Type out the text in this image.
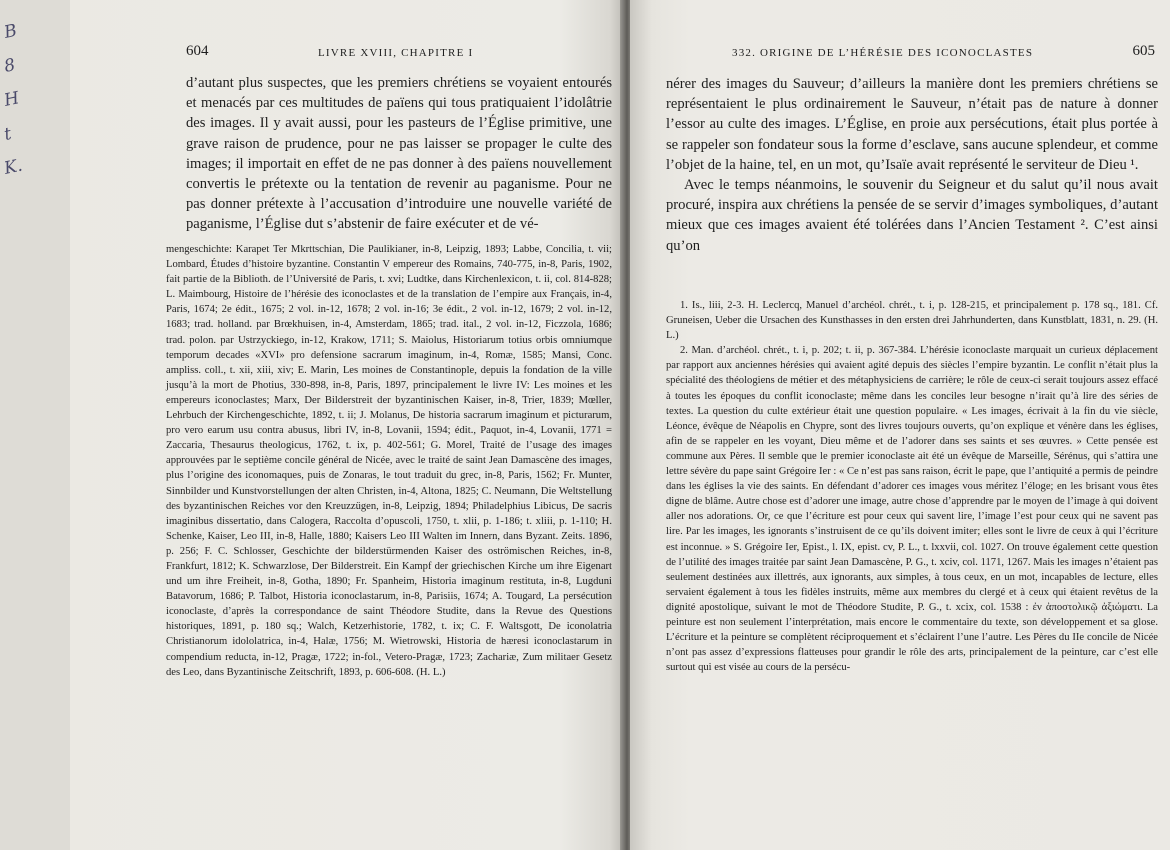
B
8
H
t
K.
604	LIVRE XVIII, CHAPITRE I

d’autant plus suspectes, que les premiers chrétiens se voyaient entourés et menacés par ces multitudes de païens qui tous pratiquaient l’idolâtrie des images. Il y avait aussi, pour les pasteurs de l’Église primitive, une grave raison de prudence, pour ne pas laisser se propager le culte des images; il importait en effet de ne pas donner à des païens nouvellement convertis le prétexte ou la tentation de revenir au paganisme. Pour ne pas donner prétexte à l’accusation d’introduire une nouvelle variété de paganisme, l’Église dut s’abstenir de faire exécuter et de vé-

mengeschichte: Karapet Ter Mkrttschian, Die Paulikianer, in-8, Leipzig, 1893; Labbe, Concilia, t. vii; Lombard, Études d’histoire byzantine. Constantin V empereur des Romains, 740-775, in-8, Paris, 1902, fait partie de la Biblioth. de l’Université de Paris, t. xvi; Ludtke, dans Kirchenlexicon, t. ii, col. 814-828; L. Maimbourg, Histoire de l’hérésie des iconoclastes et de la translation de l’empire aux Français, in-4, Paris, 1674; 2e édit., 1675; 2 vol. in-12, 1678; 2 vol. in-16; 3e édit., 2 vol. in-12, 1679; 2 vol. in-12, 1683; trad. holland. par Brœkhuisen, in-4, Amsterdam, 1865; trad. ital., 2 vol. in-12, Ficzzola, 1686; trad. polon. par Ustrzyckiego, in-12, Krakow, 1711; S. Maiolus, Historiarum totius orbis omniumque temporum decades «XVI» pro defensione sacrarum imaginum, in-4, Romæ, 1585; Mansi, Conc. ampliss. coll., t. xii, xiii, xiv; E. Marin, Les moines de Constantinople, depuis la fondation de la ville jusqu’à la mort de Photius, 330-898, in-8, Paris, 1897, principalement le livre IV: Les moines et les empereurs iconoclastes; Marx, Der Bilderstreit der byzantinischen Kaiser, in-8, Trier, 1839; Mœller, Lehrbuch der Kirchengeschichte, 1892, t. ii; J. Molanus, De historia sacrarum imaginum et picturarum, pro vero earum usu contra abusus, libri IV, in-8, Lovanii, 1594; édit., Paquot, in-4, Lovanii, 1771 = Zaccaria, Thesaurus theologicus, 1762, t. ix, p. 402-561; G. Morel, Traité de l’usage des images approuvées par le septième concile général de Nicée, avec le traité de saint Jean Damascène des images, plus l’origine des iconomaques, puis de Zonaras, le tout traduit du grec, in-8, Paris, 1562; Fr. Munter, Sinnbilder und Kunstvorstellungen der alten Christen, in-4, Altona, 1825; C. Neumann, Die Weltstellung des byzantinischen Reiches vor den Kreuzzügen, in-8, Leipzig, 1894; Philadelphius Libicus, De sacris imaginibus dissertatio, dans Calogera, Raccolta d’opuscoli, 1750, t. xlii, p. 1-186; t. xliii, p. 1-110; H. Schenke, Kaiser, Leo III, in-8, Halle, 1880; Kaisers Leo III Walten im Innern, dans Byzant. Zeits. 1896, p. 256; F. C. Schlosser, Geschichte der bilderstürmenden Kaiser des oströmischen Reiches, in-8, Frankfurt, 1812; K. Schwarzlose, Der Bilderstreit. Ein Kampf der griechischen Kirche um ihre Eigenart und um ihre Freiheit, in-8, Gotha, 1890; Fr. Spanheim, Historia imaginum restituta, in-8, Lugduni Batavorum, 1686; P. Talbot, Historia iconoclastarum, in-8, Parisiis, 1674; A. Tougard, La persécution iconoclaste, d’après la correspondance de saint Théodore Studite, dans la Revue des Questions historiques, 1891, p. 180 sq.; Walch, Ketzerhistorie, 1782, t. ix; C. F. Waltsgott, De iconolatria Christianorum idololatrica, in-4, Halæ, 1756; M. Wietrowski, Historia de hæresi iconoclastarum in compendium reducta, in-12, Pragæ, 1722; in-fol., Vetero-Pragæ, 1723; Zachariæ, Zum militaer Gesetz des Leo, dans Byzantinische Zeitschrift, 1893, p. 606-608. (H. L.)

332. ORIGINE DE L’HÉRÉSIE DES ICONOCLASTES	605

nérer des images du Sauveur; d’ailleurs la manière dont les premiers chrétiens se représentaient le plus ordinairement le Sauveur, n’était pas de nature à donner l’essor au culte des images. L’Église, en proie aux persécutions, était plus portée à se rappeler son fondateur sous la forme d’esclave, sans aucune splendeur, et comme l’objet de la haine, tel, en un mot, qu’Isaïe avait représenté le serviteur de Dieu ¹.

Avec le temps néanmoins, le souvenir du Seigneur et du salut qu’il nous avait procuré, inspira aux chrétiens la pensée de se servir d’images symboliques, d’autant mieux que ces images avaient été tolérées dans l’Ancien Testament ². C’est ainsi qu’on

1. Is., liii, 2-3. H. Leclercq, Manuel d’archéol. chrét., t. i, p. 128-215, et principalement p. 178 sq., 181. Cf. Gruneisen, Ueber die Ursachen des Kunsthasses in den ersten drei Jahrhunderten, dans Kunstblatt, 1831, n. 29. (H. L.)

2. Man. d’archéol. chrét., t. i, p. 202; t. ii, p. 367-384. L’hérésie iconoclaste marquait un curieux déplacement par rapport aux anciennes hérésies qui avaient agité depuis des siècles l’empire byzantin. Le conflit n’était plus la spécialité des théologiens de métier et des métaphysiciens de carrière; le rôle de ceux-ci serait toujours assez effacé à toutes les époques du conflit iconoclaste; même dans les conciles leur besogne n’irait qu’à lire des séries de textes. La question du culte extérieur était une question populaire. « Les images, écrivait à la fin du vie siècle, Léonce, évêque de Néapolis en Chypre, sont des livres toujours ouverts, qu’on explique et vénère dans les églises, afin de se rappeler en les voyant, Dieu même et de l’adorer dans ses saints et ses œuvres. » Cette pensée est commune aux Pères. Il semble que le premier iconoclaste ait été un évêque de Marseille, Sérénus, qui s’attira une lettre sévère du pape saint Grégoire Ier : « Ce n’est pas sans raison, écrit le pape, que l’antiquité a permis de peindre dans les églises la vie des saints. En défendant d’adorer ces images vous méritez l’éloge; en les brisant vous êtes digne de blâme. Autre chose est d’adorer une image, autre chose d’apprendre par le moyen de l’image à qui doivent aller nos adorations. Or, ce que l’écriture est pour ceux qui savent lire, l’image l’est pour ceux qui ne savent pas lire. Par les images, les ignorants s’instruisent de ce qu’ils doivent imiter; elles sont le livre de ceux à qui l’écriture est inconnue. » S. Grégoire Ier, Epist., l. IX, epist. cv, P. L., t. lxxvii, col. 1027. On trouve également cette question de l’utilité des images traitée par saint Jean Damascène, P. G., t. xciv, col. 1171, 1267. Mais les images n’étaient pas seulement destinées aux illettrés, aux ignorants, aux simples, à tous ceux, en un mot, incapables de lecture, elles servaient également à tous les fidèles instruits, même aux membres du clergé et à ceux qui étaient revêtus de la dignité apostolique, suivant le mot de Théodore Studite, P. G., t. xcix, col. 1538 : ἐν ἀποστολικῷ ἀξιώματι. La peinture est non seulement l’interprétation, mais encore le commentaire du texte, son développement et sa glose. L’écriture et la peinture se complètent réciproquement et s’éclairent l’une l’autre. Les Pères du IIe concile de Nicée n’ont pas assez d’expressions flatteuses pour grandir le rôle des arts, principalement de la peinture, car c’est elle surtout qui est visée au cours de la persécu-
